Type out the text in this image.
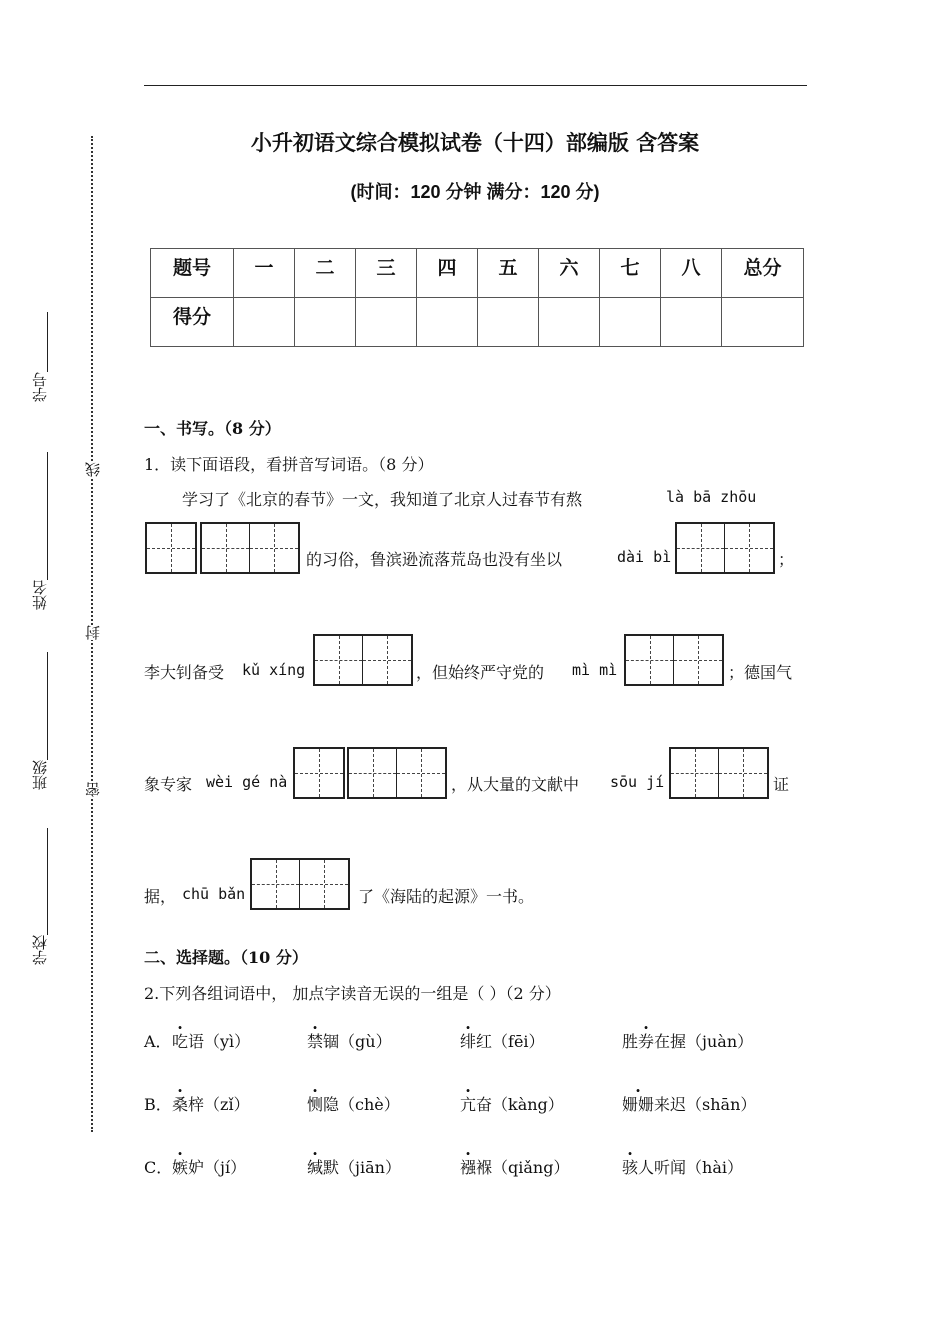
小升初语文综合模拟试卷（十四）部编版 含答案
(时间：120 分钟 满分：120 分)
题号	一	二	三	四	五	六	七	八	总分
得分									
线
封
密
学号
姓名
班级
学校
一、书写。（8 分）
1．读下面语段，看拼音写词语。（8 分）
学习了《北京的春节》一文，我知道了北京人过春节有熬	là bā zhōu
的习俗，鲁滨逊流落荒岛也没有坐以	dài bì	；
李大钊备受 kǔ xíng	，但始终严守党的 mì mì	；德国气
象专家 wèi gé nà	，从大量的文献中 sōu jí	证
据， chū bǎn	了《海陆的起源》一书。
二、选择题。（10 分）
2.下列各组词语中， 加点字读音无误的一组是（ ）（2 分）
A． 吃语（yì）	禁锢（gù）	绯红（fēi）	胜券在握（juàn）
B． 桑梓（zǐ）	恻隐（chè）	亢奋（kàng）	姗姗来迟（shān）
C． 嫉妒（jí）	缄默（jiān）	襁褓（qiǎng）	骇人听闻（hài）
